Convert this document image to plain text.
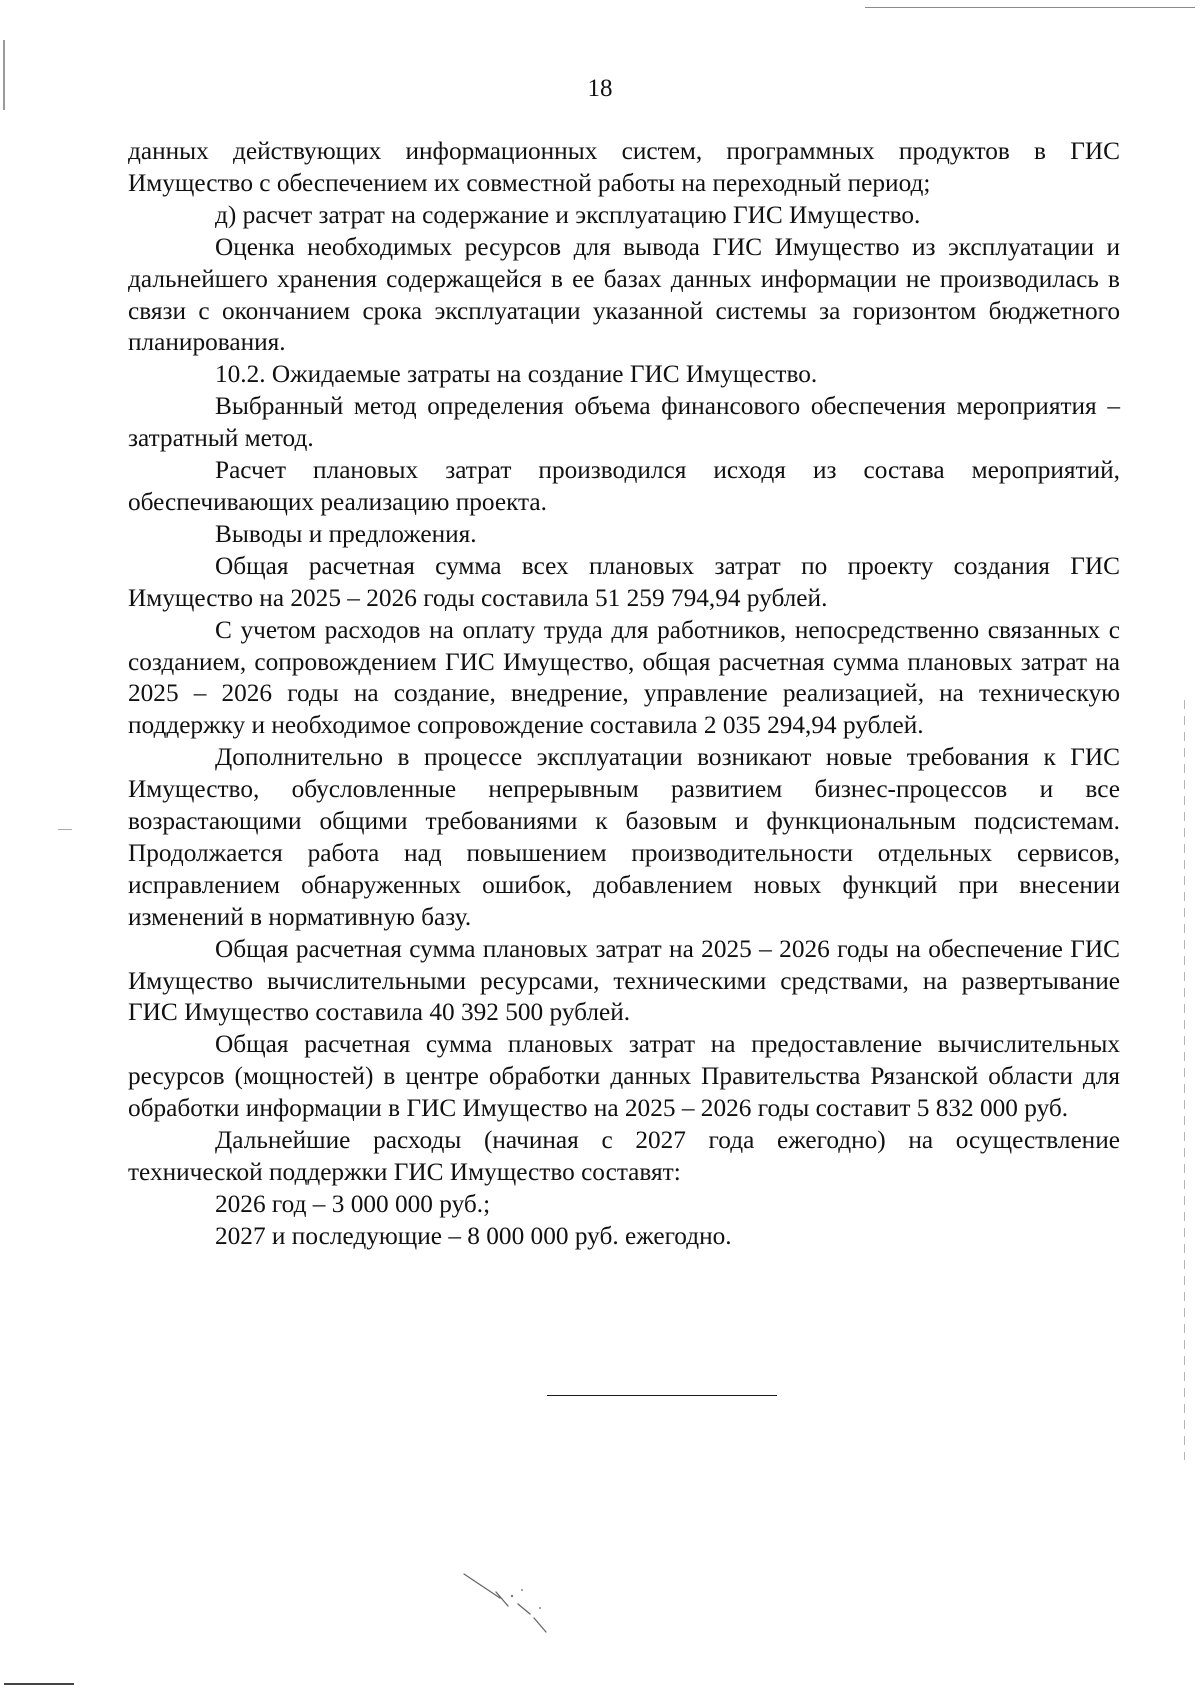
18

данных действующих информационных систем, программных продуктов в ГИС Имущество с обеспечением их совместной работы на переходный период;

д) расчет затрат на содержание и эксплуатацию ГИС Имущество.

Оценка необходимых ресурсов для вывода ГИС Имущество из эксплуатации и дальнейшего хранения содержащейся в ее базах данных информации не производилась в связи с окончанием срока эксплуатации указанной системы за горизонтом бюджетного планирования.

10.2. Ожидаемые затраты на создание ГИС Имущество.

Выбранный метод определения объема финансового обеспечения мероприятия – затратный метод.

Расчет плановых затрат производился исходя из состава мероприятий, обеспечивающих реализацию проекта.

Выводы и предложения.

Общая расчетная сумма всех плановых затрат по проекту создания ГИС Имущество на 2025 – 2026 годы составила 51 259 794,94 рублей.

С учетом расходов на оплату труда для работников, непосредственно связанных с созданием, сопровождением ГИС Имущество, общая расчетная сумма плановых затрат на 2025 – 2026 годы на создание, внедрение, управление реализацией, на техническую поддержку и необходимое сопровождение составила 2 035 294,94 рублей.

Дополнительно в процессе эксплуатации возникают новые требования к ГИС Имущество, обусловленные непрерывным развитием бизнес-процессов и все возрастающими общими требованиями к базовым и функциональным подсистемам. Продолжается работа над повышением производительности отдельных сервисов, исправлением обнаруженных ошибок, добавлением новых функций при внесении изменений в нормативную базу.

Общая расчетная сумма плановых затрат на 2025 – 2026 годы на обеспечение ГИС Имущество вычислительными ресурсами, техническими средствами, на развертывание ГИС Имущество составила 40 392 500 рублей.

Общая расчетная сумма плановых затрат на предоставление вычислительных ресурсов (мощностей) в центре обработки данных Правительства Рязанской области для обработки информации в ГИС Имущество на 2025 – 2026 годы составит 5 832 000 руб.

Дальнейшие расходы (начиная с 2027 года ежегодно) на осуществление технической поддержки ГИС Имущество составят:

2026 год – 3 000 000 руб.;

2027 и последующие – 8 000 000 руб. ежегодно.
